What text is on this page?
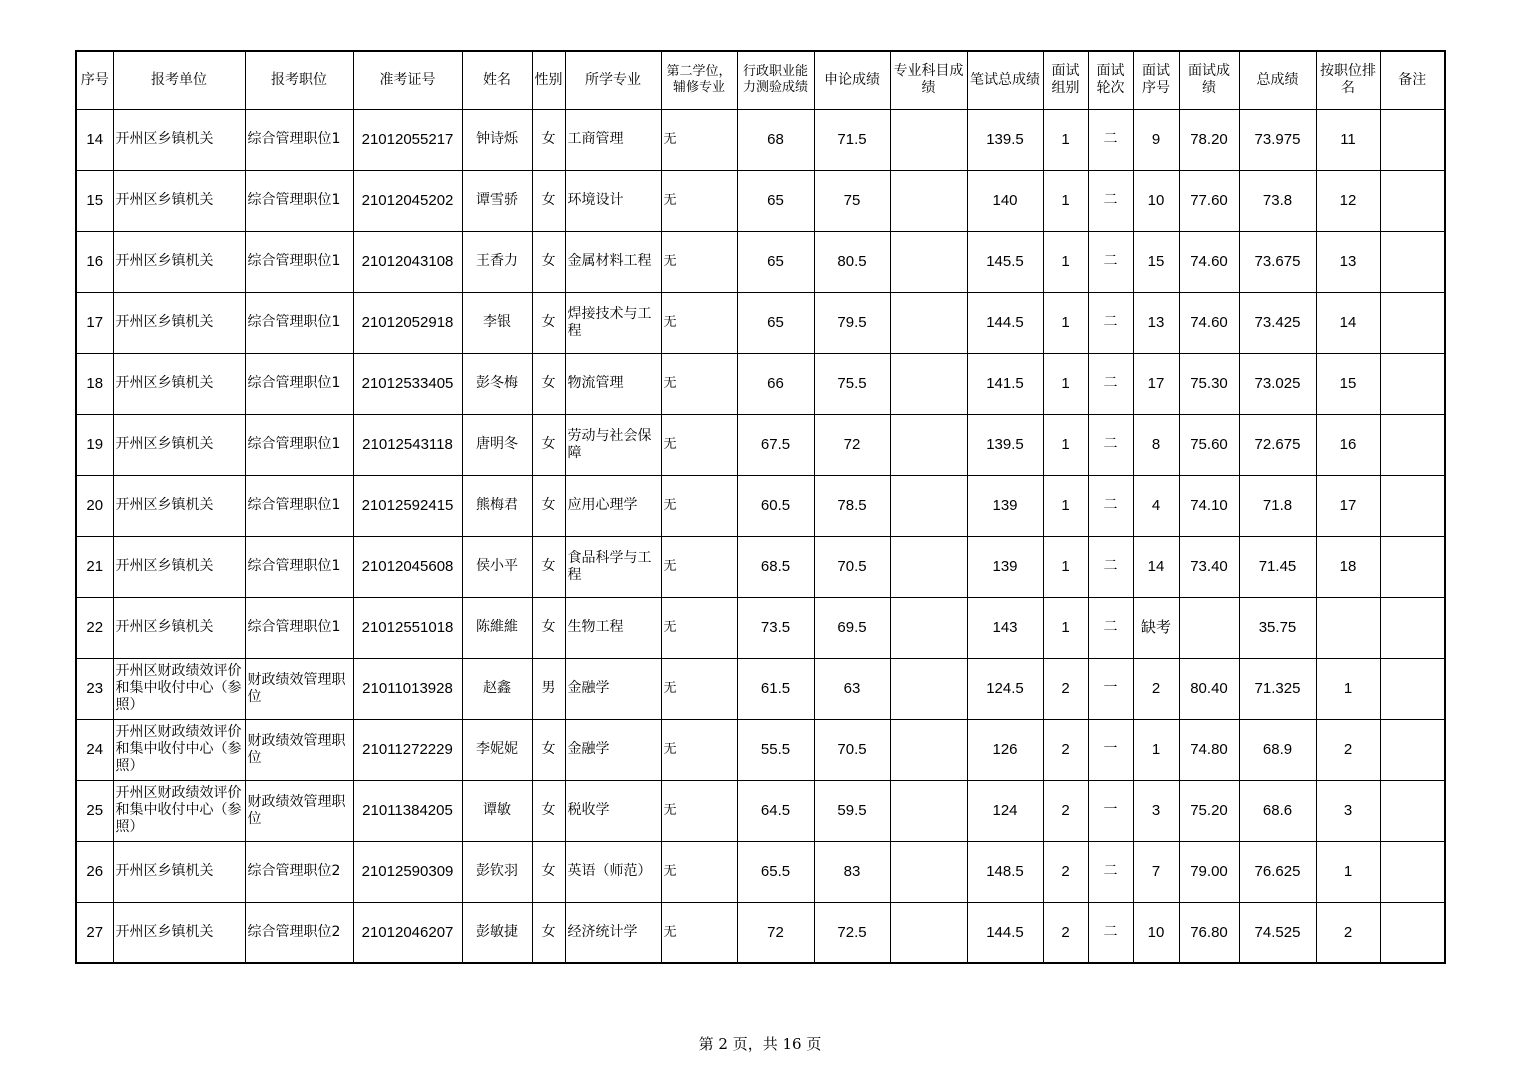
序号	报考单位	报考职位	准考证号	姓名	性别	所学专业	第二学位，辅修专业	行政职业能力测验成绩	申论成绩	专业科目成绩	笔试总成绩	面试组别	面试轮次	面试序号	面试成绩	总成绩	按职位排名	备注
14	开州区乡镇机关	综合管理职位1	21012055217	钟诗烁	女	工商管理	无	68	71.5		139.5	1	二	9	78.20	73.975	11	
15	开州区乡镇机关	综合管理职位1	21012045202	谭雪骄	女	环境设计	无	65	75		140	1	二	10	77.60	73.8	12	
16	开州区乡镇机关	综合管理职位1	21012043108	王香力	女	金属材料工程	无	65	80.5		145.5	1	二	15	74.60	73.675	13	
17	开州区乡镇机关	综合管理职位1	21012052918	李银	女	焊接技术与工程	无	65	79.5		144.5	1	二	13	74.60	73.425	14	
18	开州区乡镇机关	综合管理职位1	21012533405	彭冬梅	女	物流管理	无	66	75.5		141.5	1	二	17	75.30	73.025	15	
19	开州区乡镇机关	综合管理职位1	21012543118	唐明冬	女	劳动与社会保障	无	67.5	72		139.5	1	二	8	75.60	72.675	16	
20	开州区乡镇机关	综合管理职位1	21012592415	熊梅君	女	应用心理学	无	60.5	78.5		139	1	二	4	74.10	71.8	17	
21	开州区乡镇机关	综合管理职位1	21012045608	侯小平	女	食品科学与工程	无	68.5	70.5		139	1	二	14	73.40	71.45	18	
22	开州区乡镇机关	综合管理职位1	21012551018	陈維維	女	生物工程	无	73.5	69.5		143	1	二	缺考		35.75		
23	开州区财政绩效评价和集中收付中心（参照）	财政绩效管理职位	21011013928	赵鑫	男	金融学	无	61.5	63		124.5	2	一	2	80.40	71.325	1	
24	开州区财政绩效评价和集中收付中心（参照）	财政绩效管理职位	21011272229	李妮妮	女	金融学	无	55.5	70.5		126	2	一	1	74.80	68.9	2	
25	开州区财政绩效评价和集中收付中心（参照）	财政绩效管理职位	21011384205	谭敏	女	税收学	无	64.5	59.5		124	2	一	3	75.20	68.6	3	
26	开州区乡镇机关	综合管理职位2	21012590309	彭钦羽	女	英语（师范）	无	65.5	83		148.5	2	二	7	79.00	76.625	1	
27	开州区乡镇机关	综合管理职位2	21012046207	彭敏捷	女	经济统计学	无	72	72.5		144.5	2	二	10	76.80	74.525	2	
第 2 页，共 16 页
